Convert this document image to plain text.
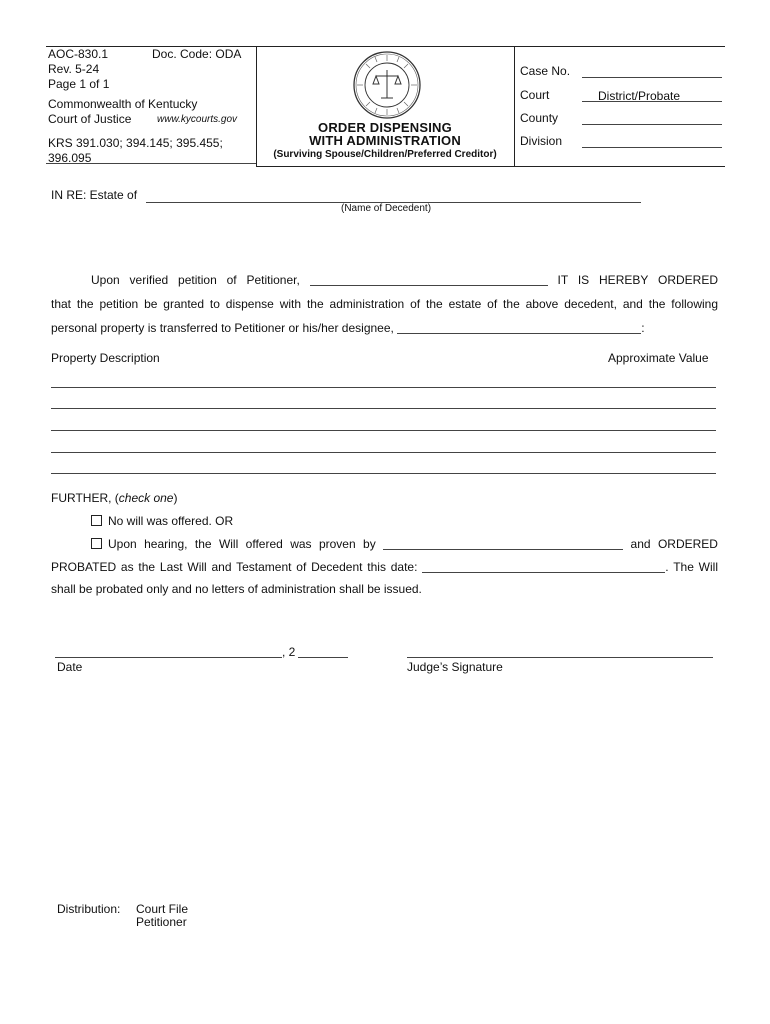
AOC-830.1	Doc. Code: ODA
Rev. 5-24
Page 1 of 1
Commonwealth of Kentucky
Court of Justice	www.kycourts.gov
KRS 391.030; 394.145; 395.455;
396.095
ORDER DISPENSING
WITH ADMINISTRATION
(Surviving Spouse/Children/Preferred Creditor)
Case No.
Court	District/Probate
County
Division
IN RE: Estate of
(Name of Decedent)
Upon verified petition of Petitioner,	IT IS HEREBY ORDERED
that the petition be granted to dispense with the administration of the estate of the above decedent, and the following
personal property is transferred to Petitioner or his/her designee,	:
Property Description	Approximate Value
FURTHER, (check one)
No will was offered. OR
Upon hearing, the Will offered was proven by	and ORDERED
PROBATED as the Last Will and Testament of Decedent this date:	. The Will
shall be probated only and no letters of administration shall be issued.
, 2
Date	Judge’s Signature
Distribution: Court File
Petitioner
